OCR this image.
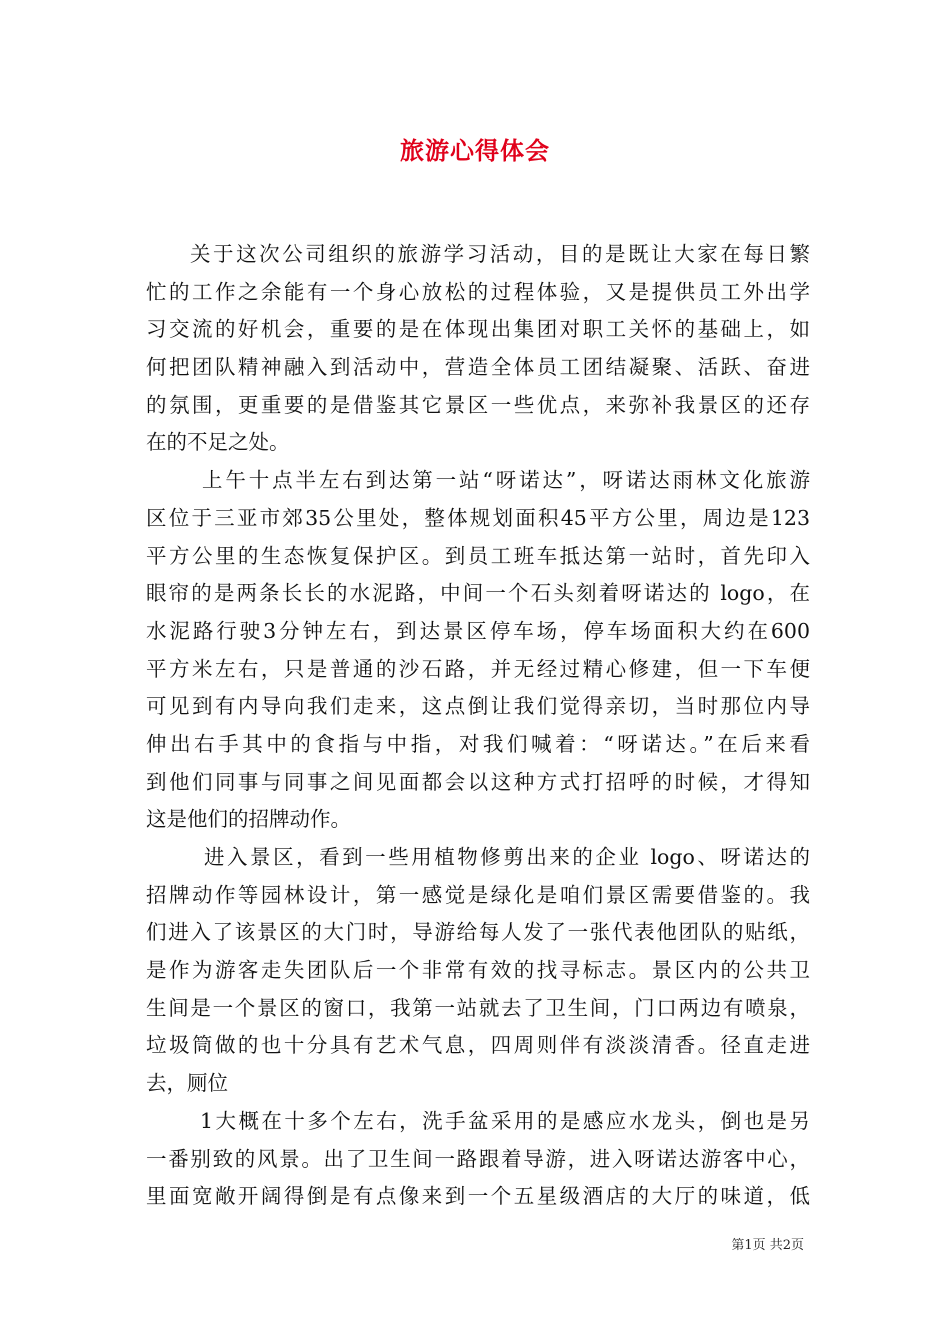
旅游心得体会
关于这次公司组织的旅游学习活动，目的是既让大家在每日繁
忙的工作之余能有一个身心放松的过程体验，又是提供员工外出学
习交流的好机会，重要的是在体现出集团对职工关怀的基础上，如
何把团队精神融入到活动中，营造全体员工团结凝聚、活跃、奋进
的氛围，更重要的是借鉴其它景区一些优点，来弥补我景区的还存
在的不足之处。
上午十点半左右到达第一站“呀诺达”，呀诺达雨林文化旅游
区位于三亚市郊35公里处，整体规划面积45平方公里，周边是123
平方公里的生态恢复保护区。到员工班车抵达第一站时，首先印入
眼帘的是两条长长的水泥路，中间一个石头刻着呀诺达的 logo，在
水泥路行驶3分钟左右，到达景区停车场，停车场面积大约在600
平方米左右，只是普通的沙石路，并无经过精心修建，但一下车便
可见到有内导向我们走来，这点倒让我们觉得亲切，当时那位内导
伸出右手其中的食指与中指，对我们喊着：“呀诺达。”在后来看
到他们同事与同事之间见面都会以这种方式打招呼的时候，才得知
这是他们的招牌动作。
进入景区，看到一些用植物修剪出来的企业 logo、呀诺达的
招牌动作等园林设计，第一感觉是绿化是咱们景区需要借鉴的。我
们进入了该景区的大门时，导游给每人发了一张代表他团队的贴纸，
是作为游客走失团队后一个非常有效的找寻标志。景区内的公共卫
生间是一个景区的窗口，我第一站就去了卫生间，门口两边有喷泉，
垃圾筒做的也十分具有艺术气息，四周则伴有淡淡清香。径直走进
去，厕位
1大概在十多个左右，洗手盆采用的是感应水龙头，倒也是另
一番别致的风景。出了卫生间一路跟着导游，进入呀诺达游客中心，
里面宽敞开阔得倒是有点像来到一个五星级酒店的大厅的味道，低
第1页 共2页
